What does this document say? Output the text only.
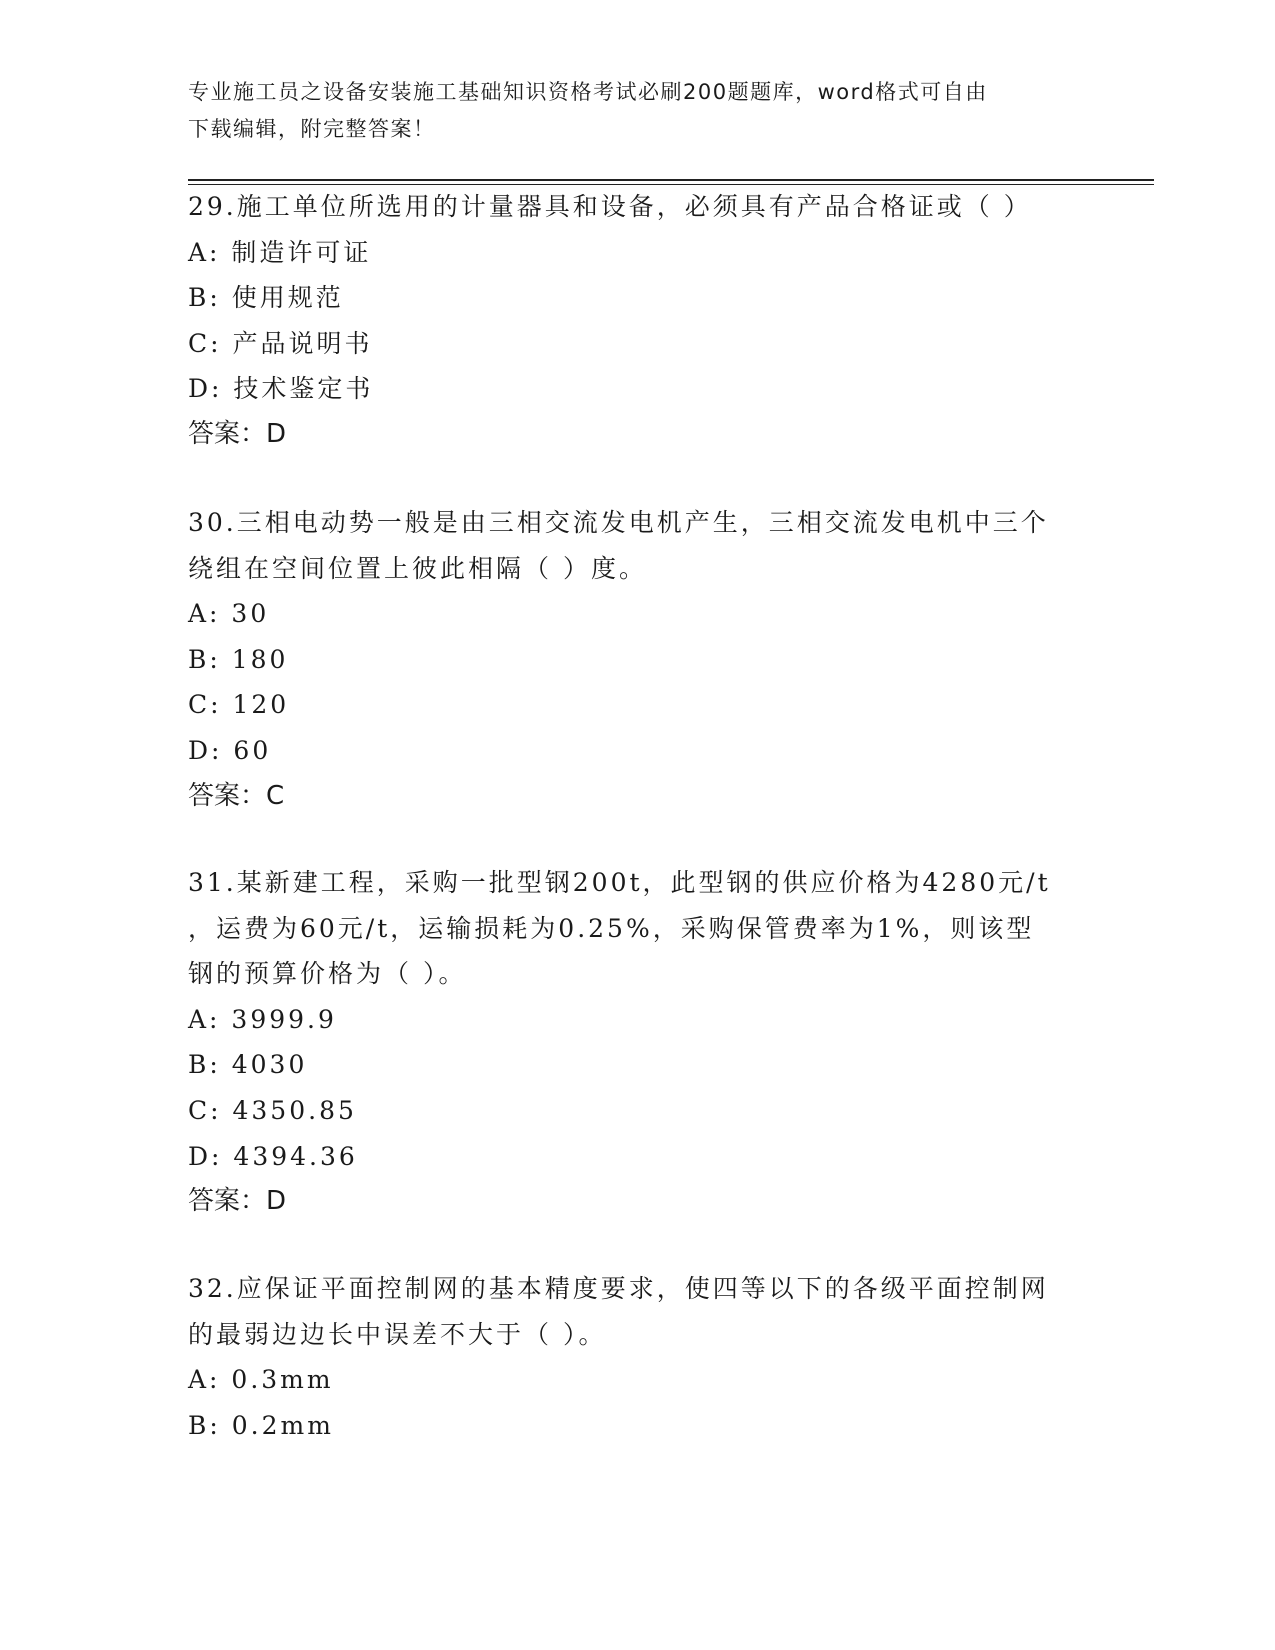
专业施工员之设备安装施工基础知识资格考试必刷200题题库，word格式可自由
下载编辑，附完整答案！
29.施工单位所选用的计量器具和设备，必须具有产品合格证或（ ）
A: 制造许可证
B: 使用规范
C: 产品说明书
D: 技术鉴定书
答案：D
30.三相电动势一般是由三相交流发电机产生，三相交流发电机中三个
绕组在空间位置上彼此相隔（ ）度。
A: 30
B: 180
C: 120
D: 60
答案：C
31.某新建工程，采购一批型钢200t，此型钢的供应价格为4280元/t
，运费为60元/t，运输损耗为0.25%，采购保管费率为1%，则该型
钢的预算价格为（ ）。
A: 3999.9
B: 4030
C: 4350.85
D: 4394.36
答案：D
32.应保证平面控制网的基本精度要求，使四等以下的各级平面控制网
的最弱边边长中误差不大于（ ）。
A: 0.3mm
B: 0.2mm
